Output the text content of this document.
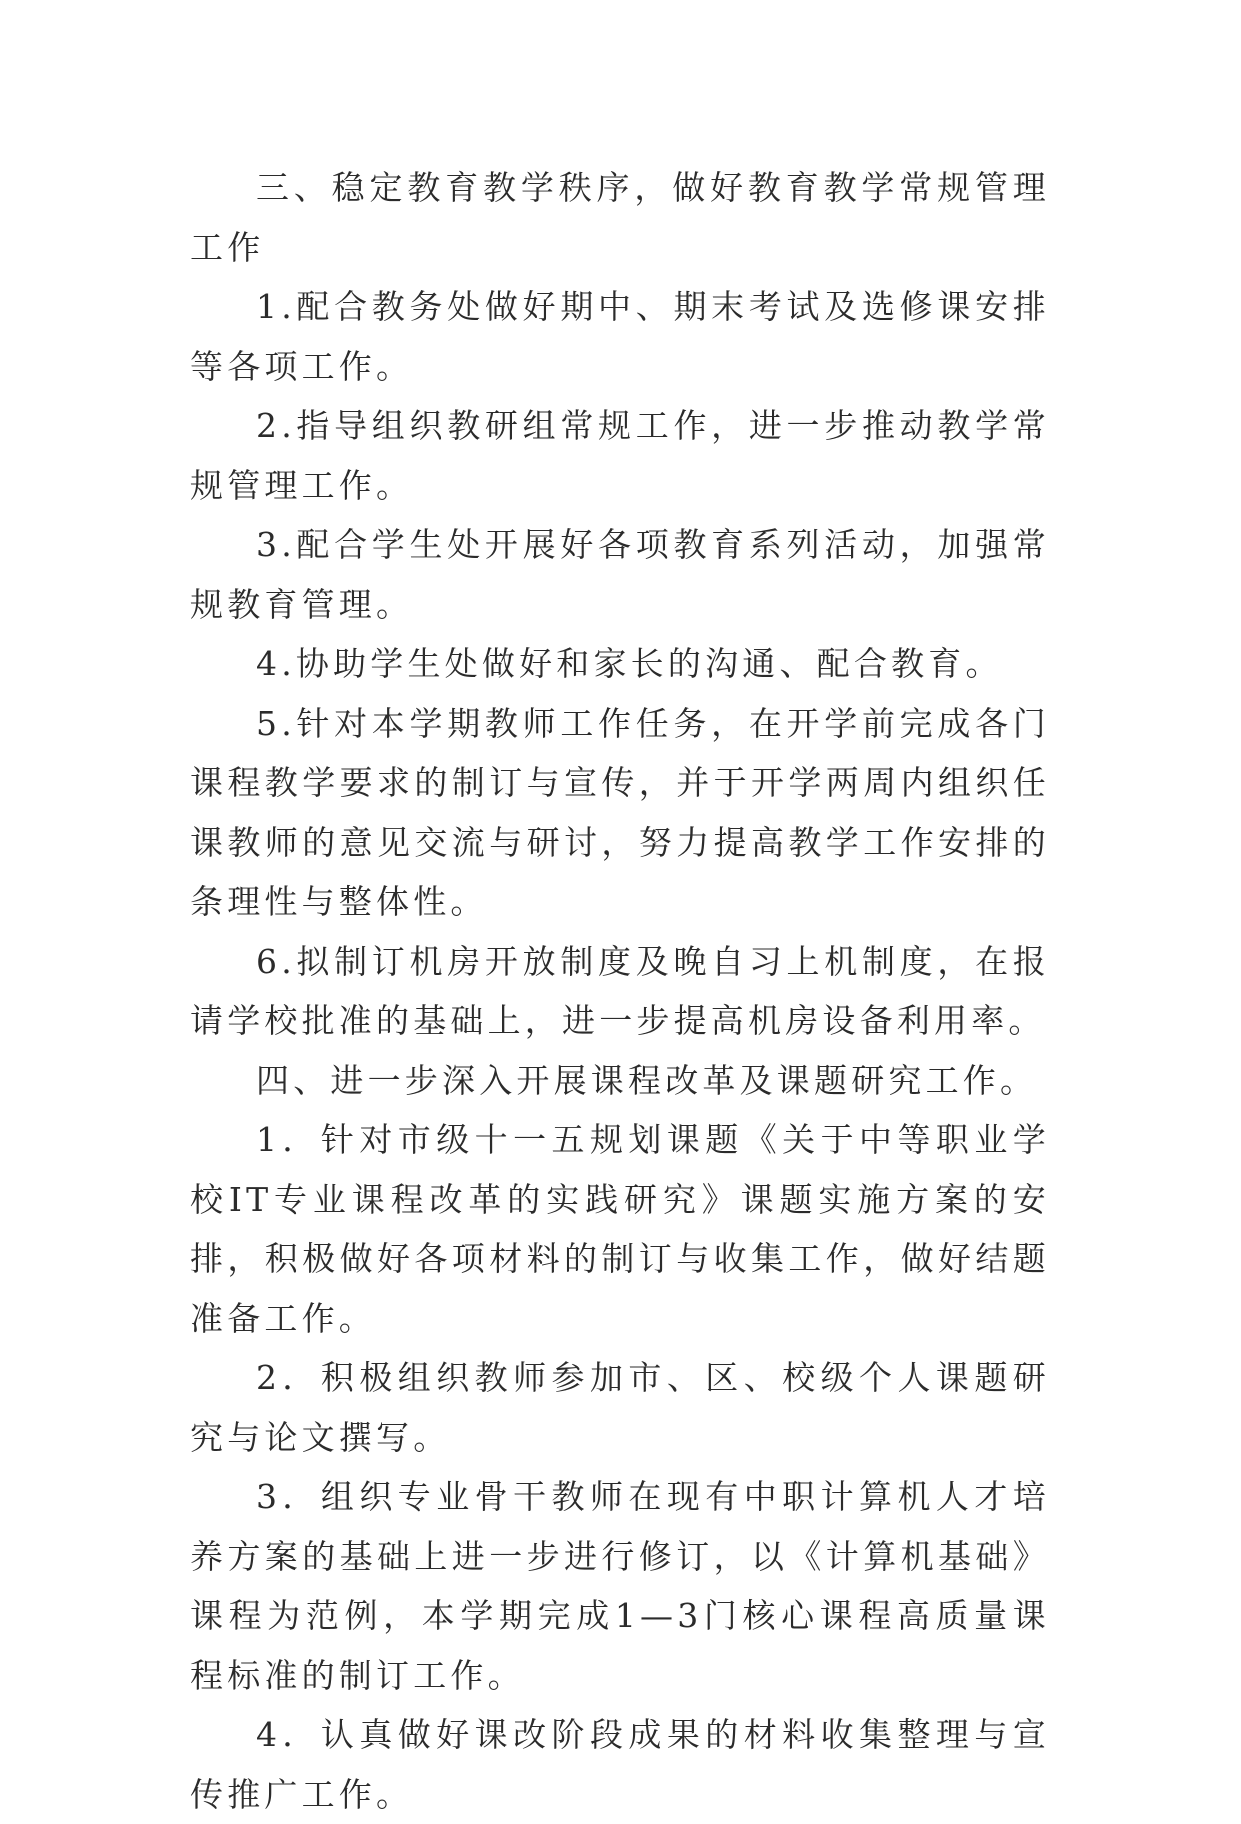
三、稳定教育教学秩序，做好教育教学常规管理工作

1.配合教务处做好期中、期末考试及选修课安排等各项工作。

2.指导组织教研组常规工作，进一步推动教学常规管理工作。

3.配合学生处开展好各项教育系列活动，加强常规教育管理。

4.协助学生处做好和家长的沟通、配合教育。

5.针对本学期教师工作任务，在开学前完成各门课程教学要求的制订与宣传，并于开学两周内组织任课教师的意见交流与研讨，努力提高教学工作安排的条理性与整体性。

6.拟制订机房开放制度及晚自习上机制度，在报请学校批准的基础上，进一步提高机房设备利用率。

四、进一步深入开展课程改革及课题研究工作。

1．针对市级十一五规划课题《关于中等职业学校IT专业课程改革的实践研究》课题实施方案的安排，积极做好各项材料的制订与收集工作，做好结题准备工作。

2．积极组织教师参加市、区、校级个人课题研究与论文撰写。

3．组织专业骨干教师在现有中职计算机人才培养方案的基础上进一步进行修订，以《计算机基础》课程为范例，本学期完成1—3门核心课程高质量课程标准的制订工作。

4．认真做好课改阶段成果的材料收集整理与宣传推广工作。
